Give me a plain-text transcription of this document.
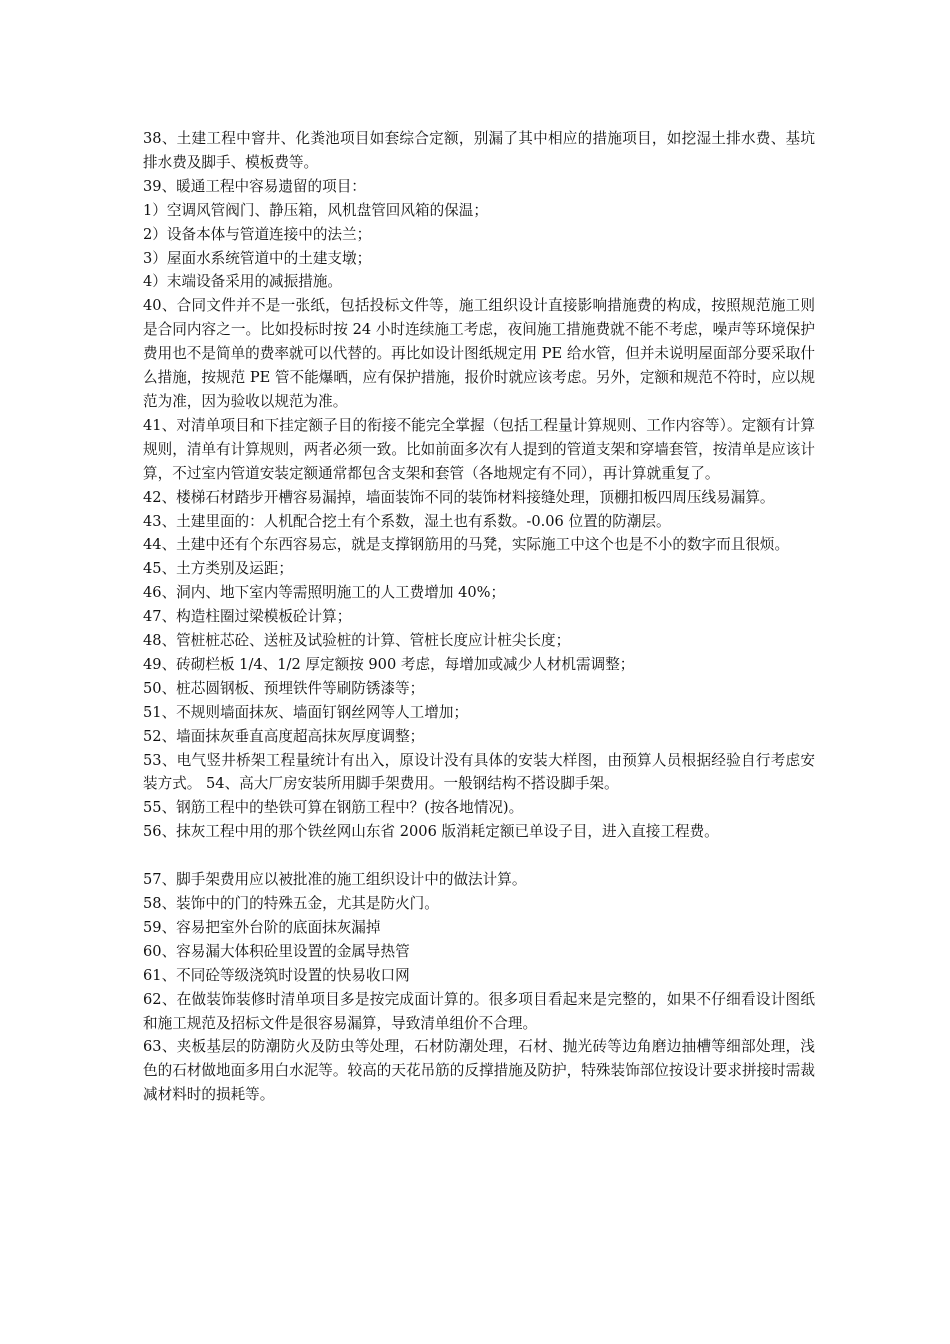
38、土建工程中窨井、化粪池项目如套综合定额，别漏了其中相应的措施项目，如挖湿土排水费、基坑排水费及脚手、模板费等。

39、暖通工程中容易遗留的项目：

1）空调风管阀门、静压箱，风机盘管回风箱的保温；

2）设备本体与管道连接中的法兰；

3）屋面水系统管道中的土建支墩；

4）末端设备采用的减振措施。

40、合同文件并不是一张纸，包括投标文件等，施工组织设计直接影响措施费的构成，按照规范施工则是合同内容之一。比如投标时按 24 小时连续施工考虑，夜间施工措施费就不能不考虑，噪声等环境保护费用也不是简单的费率就可以代替的。再比如设计图纸规定用 PE 给水管，但并未说明屋面部分要采取什么措施，按规范 PE 管不能爆晒，应有保护措施，报价时就应该考虑。另外，定额和规范不符时，应以规范为准，因为验收以规范为准。

41、对清单项目和下挂定额子目的衔接不能完全掌握（包括工程量计算规则、工作内容等）。定额有计算规则，清单有计算规则，两者必须一致。比如前面多次有人提到的管道支架和穿墙套管，按清单是应该计算，不过室内管道安装定额通常都包含支架和套管（各地规定有不同），再计算就重复了。

42、楼梯石材踏步开槽容易漏掉，墙面装饰不同的装饰材料接缝处理，顶棚扣板四周压线易漏算。

43、土建里面的：人机配合挖土有个系数，湿土也有系数。-0.06 位置的防潮层。

44、土建中还有个东西容易忘，就是支撑钢筋用的马凳，实际施工中这个也是不小的数字而且很烦。

45、土方类别及运距；

46、洞内、地下室内等需照明施工的人工费增加 40%；

47、构造柱圈过梁模板砼计算；

48、管桩桩芯砼、送桩及试验桩的计算、管桩长度应计桩尖长度；

49、砖砌栏板 1/4、1/2 厚定额按 900 考虑，每增加或减少人材机需调整；

50、桩芯圆钢板、预埋铁件等刷防锈漆等；

51、不规则墙面抹灰、墙面钉钢丝网等人工增加；

52、墙面抹灰垂直高度超高抹灰厚度调整；

53、电气竖井桥架工程量统计有出入，原设计没有具体的安装大样图，由预算人员根据经验自行考虑安装方式。 54、高大厂房安装所用脚手架费用。一般钢结构不搭设脚手架。

55、钢筋工程中的垫铁可算在钢筋工程中？(按各地情况)。

56、抹灰工程中用的那个铁丝网山东省 2006 版消耗定额已单设子目，进入直接工程费。

57、脚手架费用应以被批准的施工组织设计中的做法计算。

58、装饰中的门的特殊五金，尤其是防火门。

59、容易把室外台阶的底面抹灰漏掉

60、容易漏大体积砼里设置的金属导热管

61、不同砼等级浇筑时设置的快易收口网

62、在做装饰装修时清单项目多是按完成面计算的。很多项目看起来是完整的，如果不仔细看设计图纸和施工规范及招标文件是很容易漏算，导致清单组价不合理。

63、夹板基层的防潮防火及防虫等处理，石材防潮处理，石材、抛光砖等边角磨边抽槽等细部处理，浅色的石材做地面多用白水泥等。较高的天花吊筋的反撑措施及防护，特殊装饰部位按设计要求拼接时需裁减材料时的损耗等。
